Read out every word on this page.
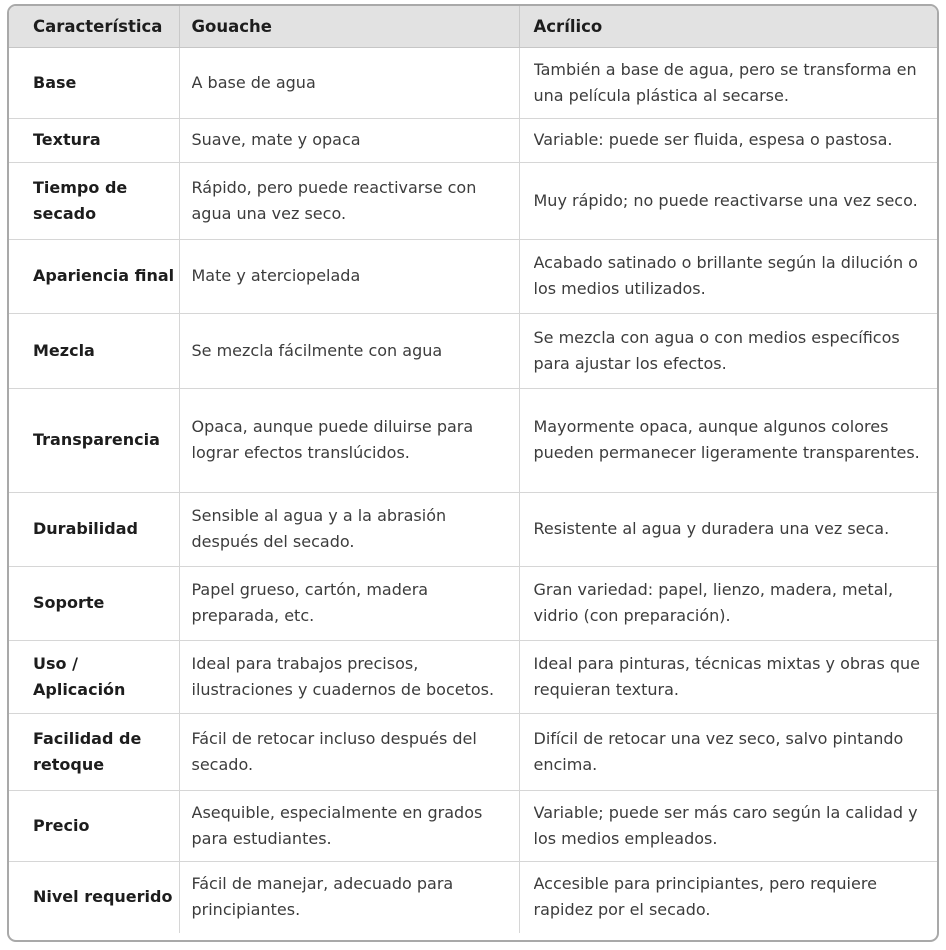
Característica	Gouache	Acrílico

Base	A base de agua	También a base de agua, pero se transforma en una película plástica al secarse.

Textura	Suave, mate y opaca	Variable: puede ser fluida, espesa o pastosa.

Tiempo de secado	Rápido, pero puede reactivarse con agua una vez seco.	Muy rápido; no puede reactivarse una vez seco.

Apariencia final	Mate y aterciopelada	Acabado satinado o brillante según la dilución o los medios utilizados.

Mezcla	Se mezcla fácilmente con agua	Se mezcla con agua o con medios específicos para ajustar los efectos.

Transparencia	Opaca, aunque puede diluirse para lograr efectos translúcidos.	Mayormente opaca, aunque algunos colores pueden permanecer ligeramente transparentes.

Durabilidad	Sensible al agua y a la abrasión después del secado.	Resistente al agua y duradera una vez seca.

Soporte	Papel grueso, cartón, madera preparada, etc.	Gran variedad: papel, lienzo, madera, metal, vidrio (con preparación).

Uso / Aplicación	Ideal para trabajos precisos, ilustraciones y cuadernos de bocetos.	Ideal para pinturas, técnicas mixtas y obras que requieran textura.

Facilidad de retoque	Fácil de retocar incluso después del secado.	Difícil de retocar una vez seco, salvo pintando encima.

Precio	Asequible, especialmente en grados para estudiantes.	Variable; puede ser más caro según la calidad y los medios empleados.

Nivel requerido	Fácil de manejar, adecuado para principiantes.	Accesible para principiantes, pero requiere rapidez por el secado.
